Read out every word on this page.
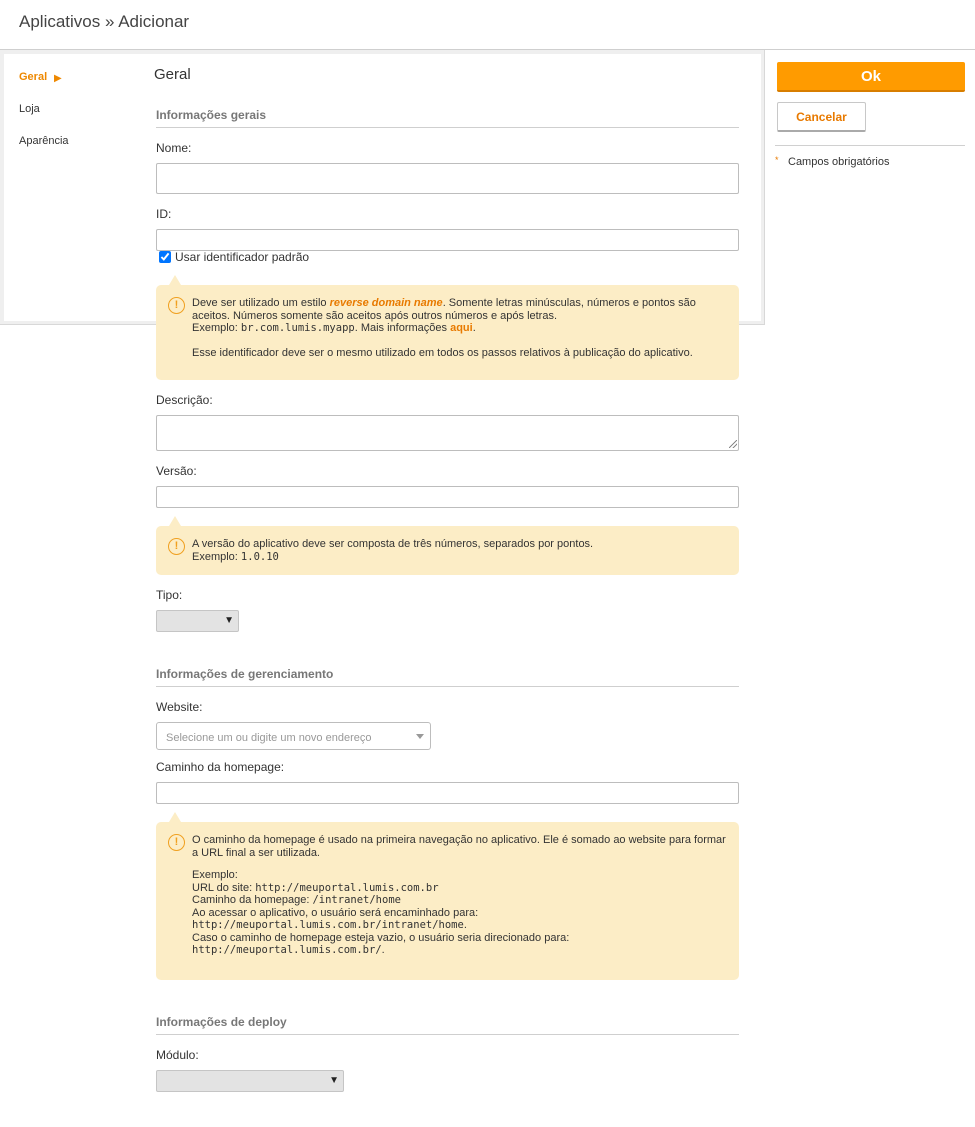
Aplicativos » Adicionar
Geral ▶
Loja
Aparência
Geral
Informações gerais
Nome:
ID:
Usar identificador padrão
!	Deve ser utilizado um estilo reverse domain name. Somente letras minúsculas, números e pontos são aceitos. Números somente são aceitos após outros números e após letras.

Exemplo: br.com.lumis.myapp. Mais informações aqui.

Esse identificador deve ser o mesmo utilizado em todos os passos relativos à publicação do aplicativo.

Descrição:
Versão:
!	A versão do aplicativo deve ser composta de três números, separados por pontos.

Exemplo: 1.0.10

Tipo:
▼
Informações de gerenciamento
Website:
Selecione um ou digite um novo endereço
Caminho da homepage:
!	O caminho da homepage é usado na primeira navegação no aplicativo. Ele é somado ao website para formar a URL final a ser utilizada.

Exemplo:

URL do site: http://meuportal.lumis.com.br

Caminho da homepage: /intranet/home

Ao acessar o aplicativo, o usuário será encaminhado para:

http://meuportal.lumis.com.br/intranet/home.

Caso o caminho de homepage esteja vazio, o usuário seria direcionado para:

http://meuportal.lumis.com.br/.

Informações de deploy
Módulo:
▼
Ok
Cancelar
* Campos obrigatórios
